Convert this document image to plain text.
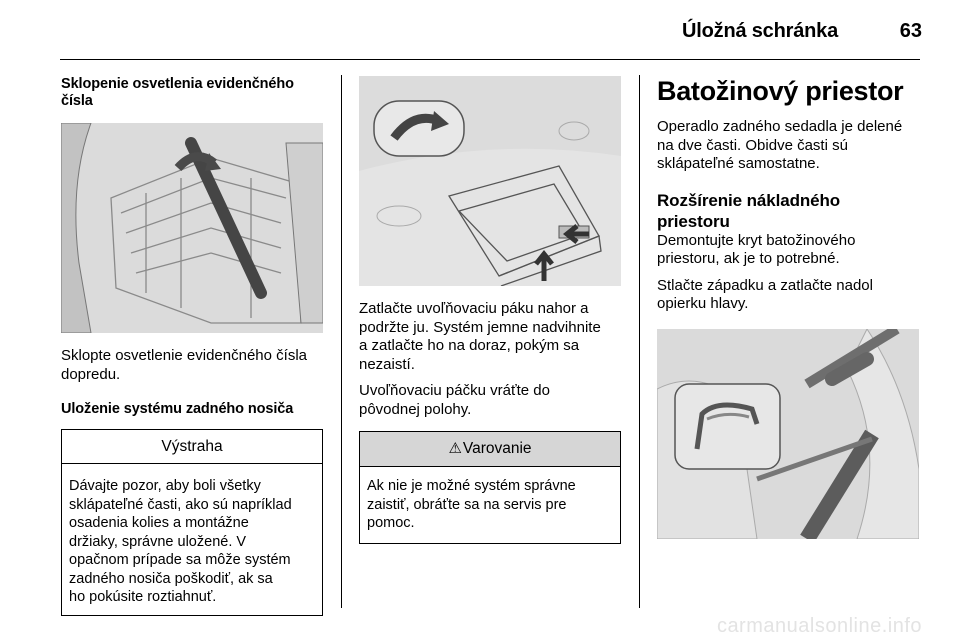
Úložná schránka	63
Sklopenie osvetlenia evidenčného
čísla

Sklopte osvetlenie evidenčného čísla
dopredu.

Uloženie systému zadného nosiča
Výstraha
Dávajte pozor, aby boli všetky
sklápateľné časti, ako sú napríklad
osadenia kolies a montážne
držiaky, správne uložené. V
opačnom prípade sa môže systém
zadného nosiča poškodiť, ak sa
ho pokúsite roztiahnuť.

Zatlačte uvoľňovaciu páku nahor a
podržte ju. Systém jemne nadvihnite
a zatlačte ho na doraz, pokým sa
nezaistí.

Uvoľňovaciu páčku vráťte do
pôvodnej polohy.

⚠Varovanie
Ak nie je možné systém správne
zaistiť, obráťte sa na servis pre
pomoc.
Batožinový priestor

Operadlo zadného sedadla je delené
na dve časti. Obidve časti sú
sklápateľné samostatne.

Rozšírenie nákladného
priestoru

Demontujte kryt batožinového
priestoru, ak je to potrebné.

Stlačte západku a zatlačte nadol
opierku hlavy.

carmanualsonline.info
